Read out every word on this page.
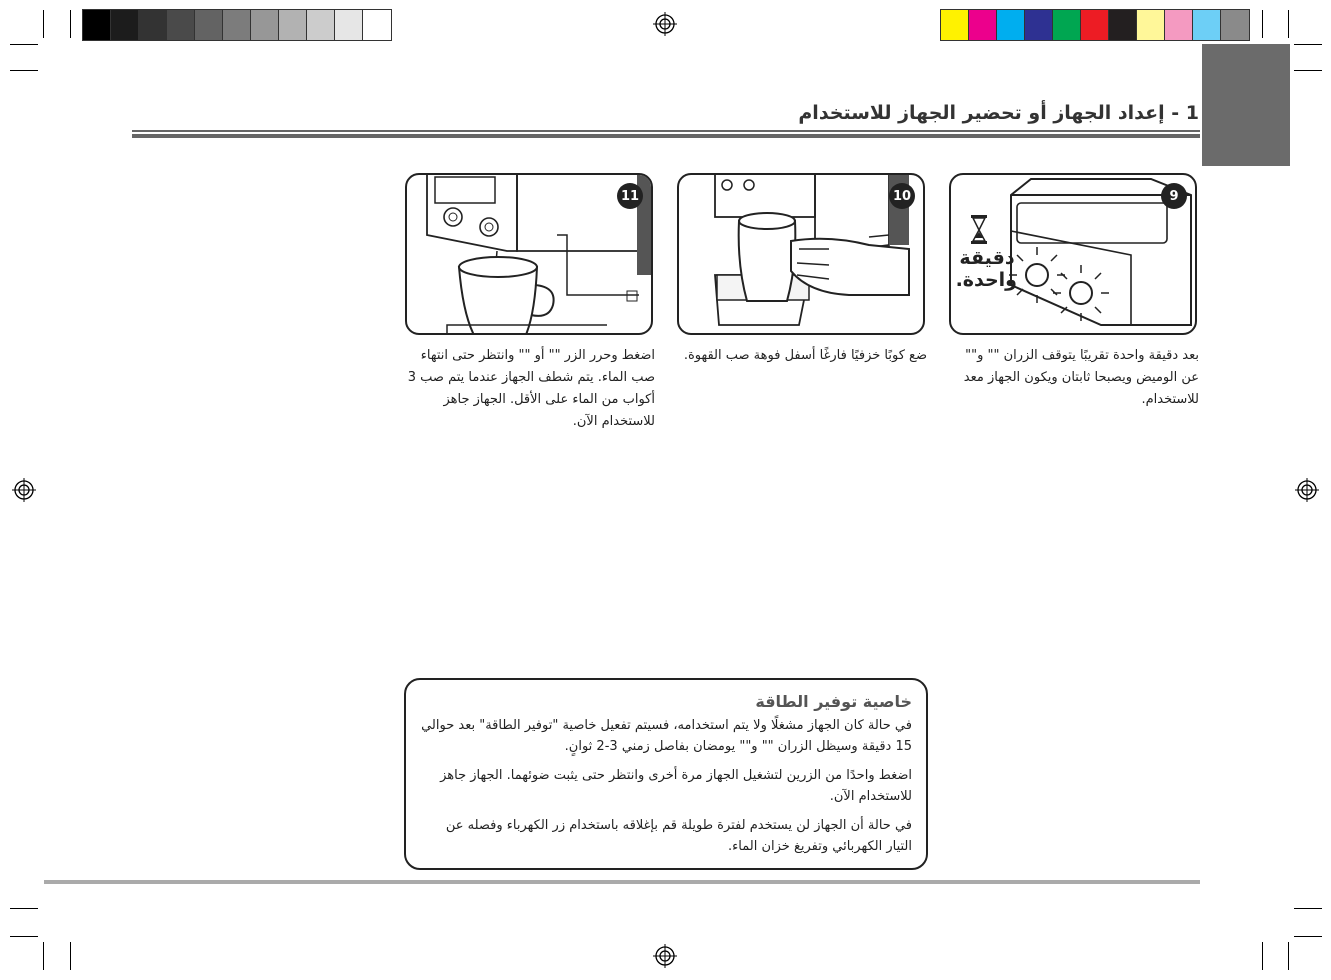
1 - إعداد الجهاز أو تحضير الجهاز للاستخدام
دقيقة
واحدة.
9
10
11
بعد دقيقة واحدة تقريبًا يتوقف الزران "" و"" عن الوميض ويصبحا ثابتان ويكون الجهاز معد للاستخدام.
ضع كوبًا خزفيًا فارغًا أسفل فوهة صب القهوة.
اضغط وحرر الزر "" أو "" وانتظر حتى انتهاء صب الماء. يتم شطف الجهاز عندما يتم صب 3 أكواب من الماء على الأقل. الجهاز جاهز للاستخدام الآن.
خاصية توفير الطاقة

في حالة كان الجهاز مشغلًا ولا يتم استخدامه، فسيتم تفعيل خاصية "توفير الطاقة" بعد حوالي 15 دقيقة وسيظل الزران "" و"" يومضان بفاصل زمني 3-2 ثوانٍ.

اضغط واحدًا من الزرين لتشغيل الجهاز مرة أخرى وانتظر حتى يثبت ضوئهما. الجهاز جاهز للاستخدام الآن.

في حالة أن الجهاز لن يستخدم لفترة طويلة قم بإغلاقه باستخدام زر الكهرباء وفصله عن التيار الكهربائي وتفريغ خزان الماء.
